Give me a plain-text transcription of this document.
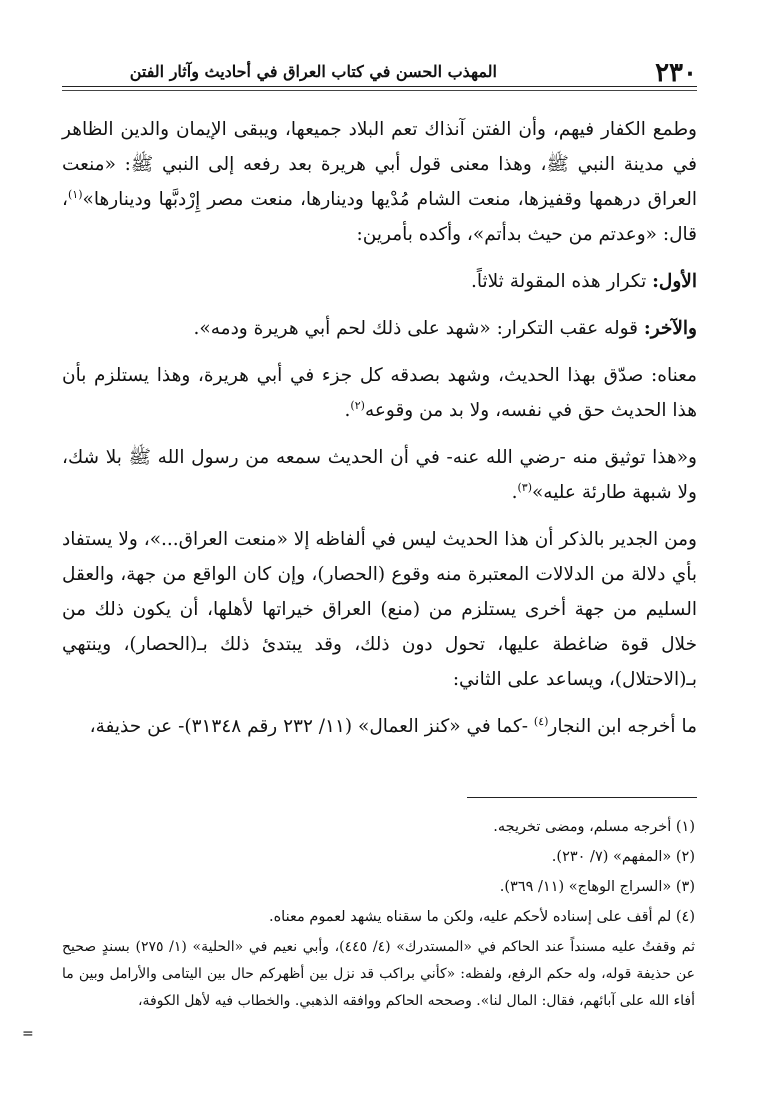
٢٣٠
المهذب الحسن في كتاب العراق في أحاديث وآثار الفتن

وطمع الكفار فيهم، وأن الفتن آنذاك تعم البلاد جميعها، ويبقى الإيمان والدين الظاهر في مدينة النبي ﷺ، وهذا معنى قول أبي هريرة بعد رفعه إلى النبي ﷺ: «منعت العراق درهمها وقفيزها، منعت الشام مُدْيها ودينارها، منعت مصر إِرْدبَّها ودينارها»$^{(١)}$، قال: «وعدتم من حيث بدأتم»، وأكده بأمرين:

الأول: تكرار هذه المقولة ثلاثاً.

والآخر: قوله عقب التكرار: «شهد على ذلك لحم أبي هريرة ودمه».

معناه: صدّق بهذا الحديث، وشهد بصدقه كل جزء في أبي هريرة، وهذا يستلزم بأن هذا الحديث حق في نفسه، ولا بد من وقوعه$^{(٢)}$.

و«هذا توثيق منه -رضي الله عنه- في أن الحديث سمعه من رسول الله ﷺ بلا شك، ولا شبهة طارئة عليه»$^{(٣)}$.

ومن الجدير بالذكر أن هذا الحديث ليس في ألفاظه إلا «منعت العراق...»، ولا يستفاد بأي دلالة من الدلالات المعتبرة منه وقوع (الحصار)، وإن كان الواقع من جهة، والعقل السليم من جهة أخرى يستلزم من (منع) العراق خيراتها لأهلها، أن يكون ذلك من خلال قوة ضاغطة عليها، تحول دون ذلك، وقد يبتدئ ذلك بـ(الحصار)، وينتهي بـ(الاحتلال)، ويساعد على الثاني:

ما أخرجه ابن النجار$^{(٤)}$ -كما في «كنز العمال» (١١/ ٢٣٢ رقم ٣١٣٤٨)- عن حذيفة،

(١) أخرجه مسلم، ومضى تخريجه.

(٢) «المفهم» (٧/ ٢٣٠).

(٣) «السراج الوهاج» (١١/ ٣٦٩).

(٤) لم أقف على إسناده لأحكم عليه، ولكن ما سقناه يشهد لعموم معناه.

ثم وقفتُ عليه مسنداً عند الحاكم في «المستدرك» (٤/ ٤٤٥)، وأبي نعيم في «الحلية» (١/ ٢٧٥) بسندٍ صحيح عن حذيفة قوله، وله حكم الرفع، ولفظه: «كأني براكب قد نزل بين أظهركم حال بين اليتامى والأرامل وبين ما أفاء الله على آبائهم، فقال: المال لنا». وصححه الحاكم ووافقه الذهبي. والخطاب فيه لأهل الكوفة،

=
